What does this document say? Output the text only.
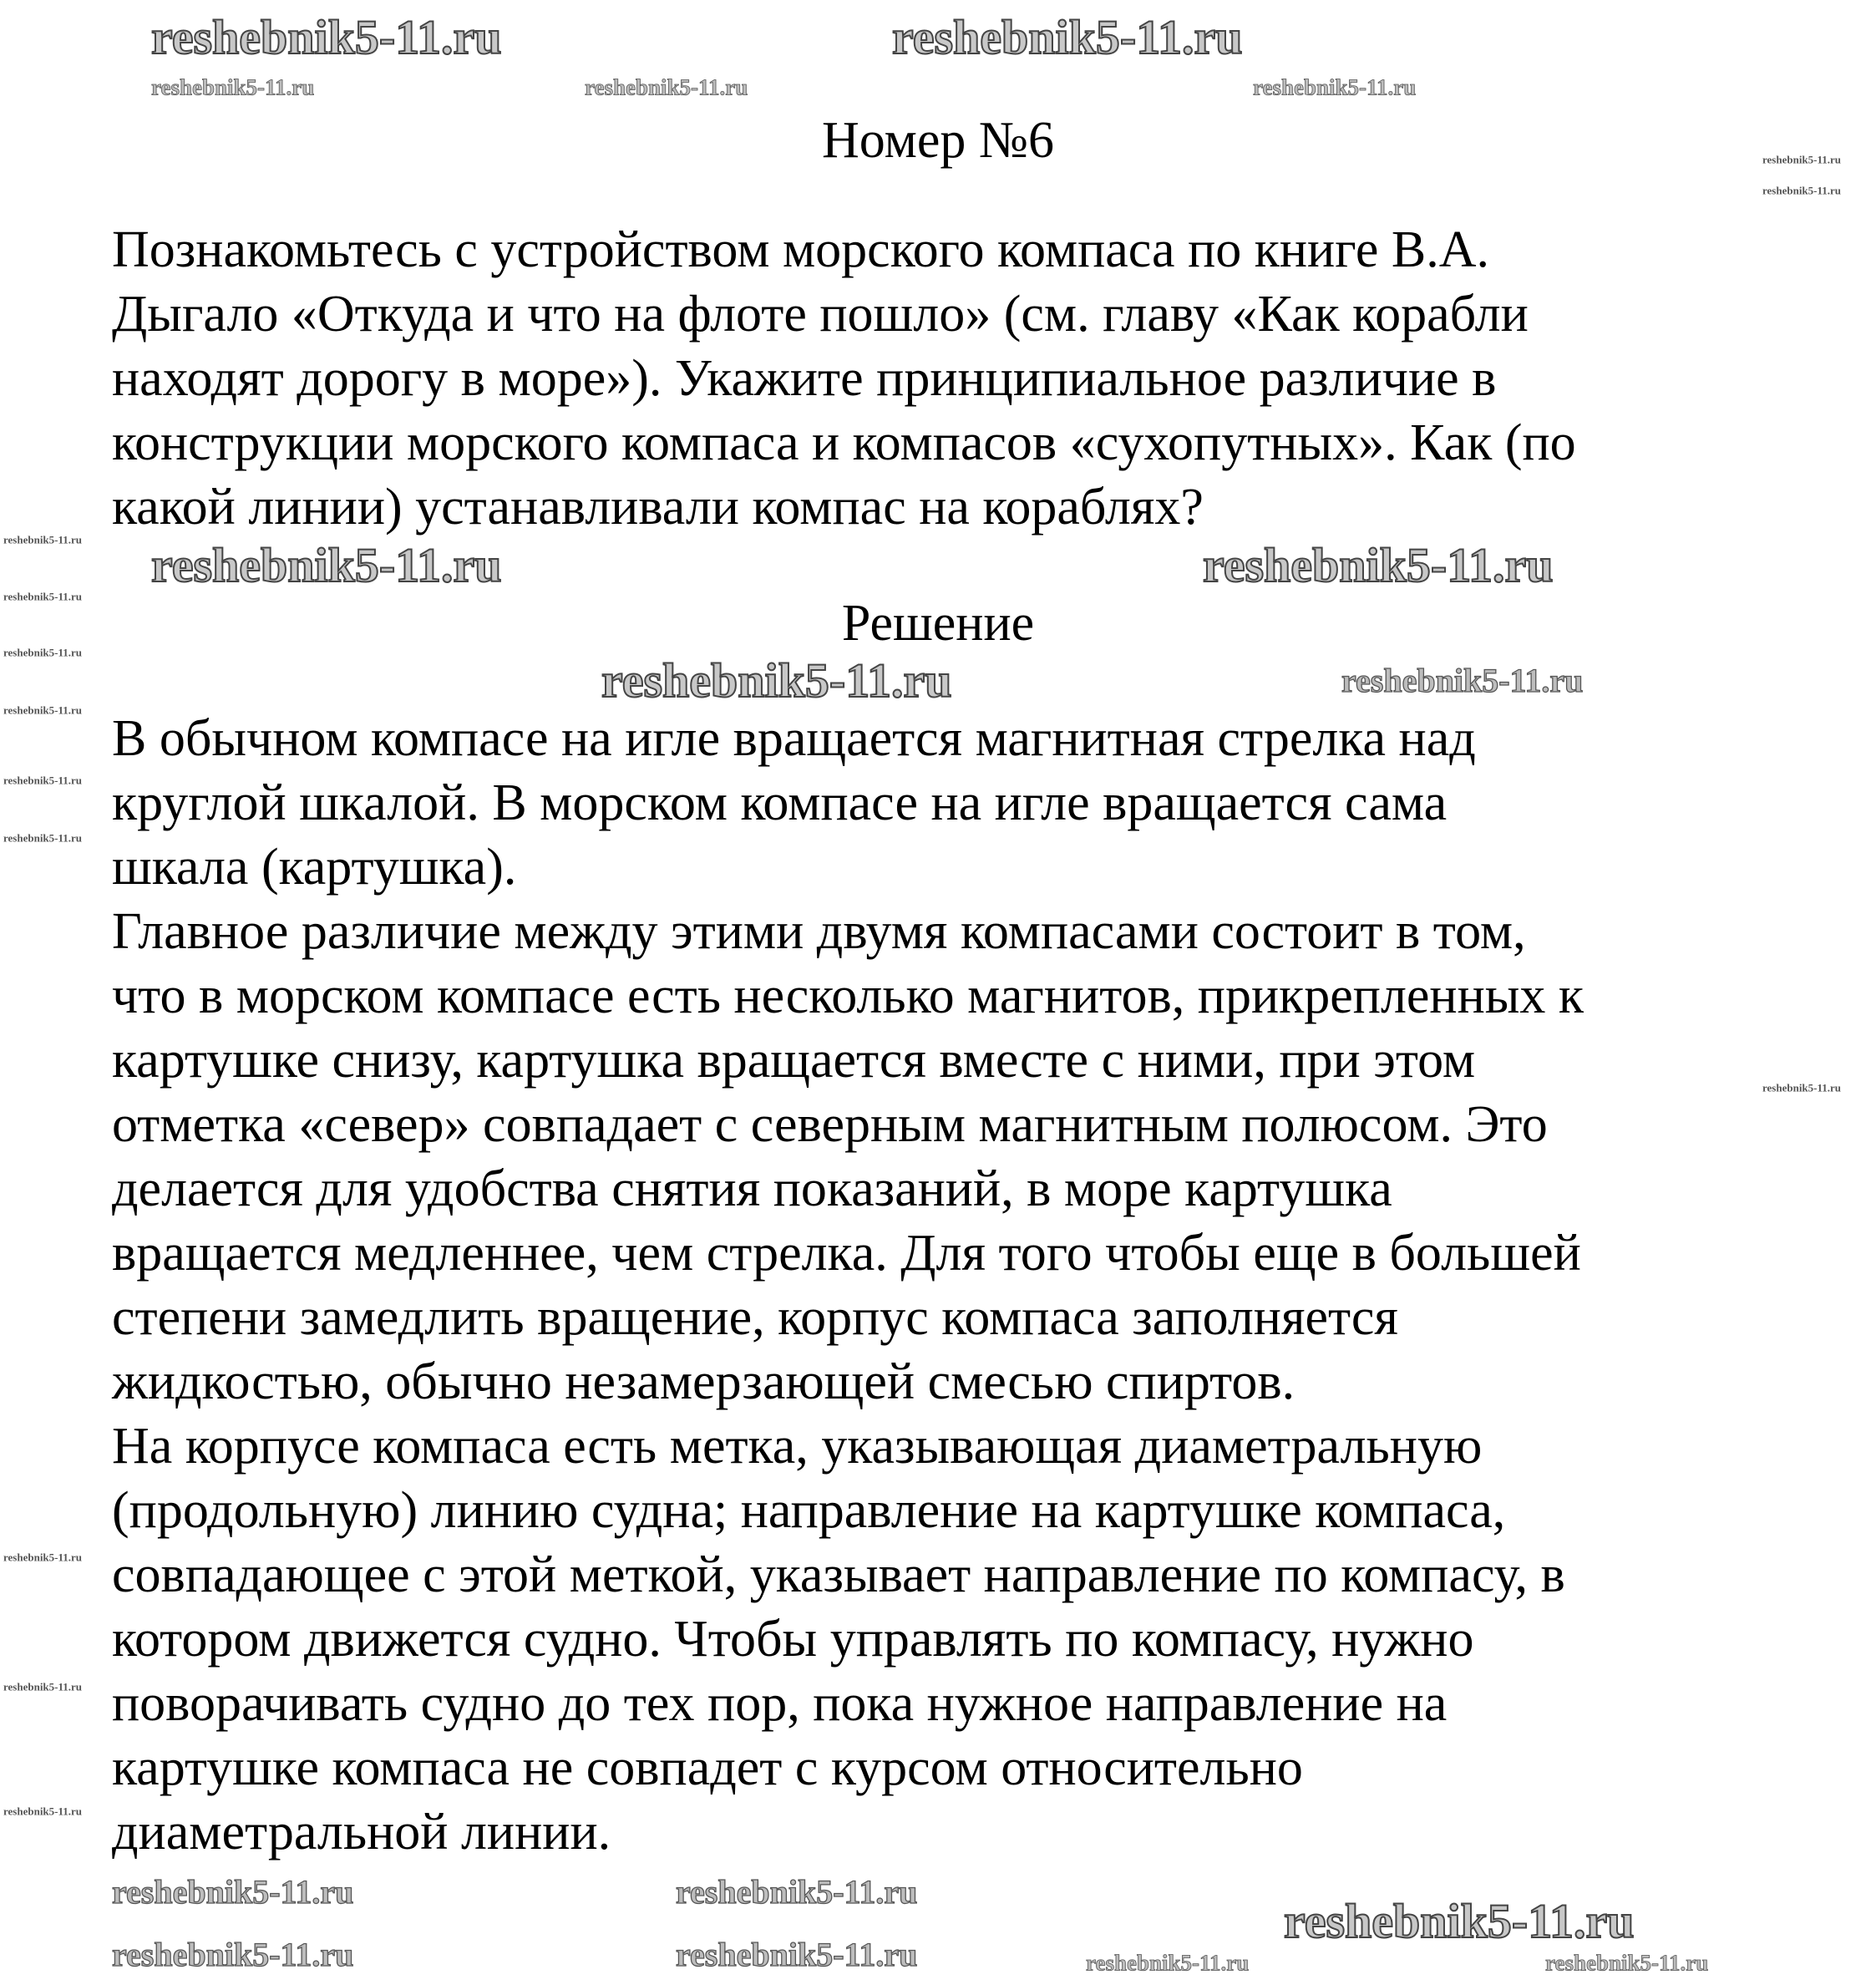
Номер №6
Познакомьтесь с устройством морского компаса по книге В.А.
Дыгало «Откуда и что на флоте пошло» (см. главу «Как корабли
находят дорогу в море»). Укажите принципиальное различие в
конструкции морского компаса и компасов «сухопутных». Как (по
какой линии) устанавливали компас на кораблях?
Решение
В обычном компасе на игле вращается магнитная стрелка над
круглой шкалой. В морском компасе на игле вращается сама
шкала (картушка).
Главное различие между этими двумя компасами состоит в том,
что в морском компасе есть несколько магнитов, прикрепленных к
картушке снизу, картушка вращается вместе с ними, при этом
отметка «север» совпадает с северным магнитным полюсом. Это
делается для удобства снятия показаний, в море картушка
вращается медленнее, чем стрелка. Для того чтобы еще в большей
степени замедлить вращение, корпус компаса заполняется
жидкостью, обычно незамерзающей смесью спиртов.
На корпусе компаса есть метка, указывающая диаметральную
(продольную) линию судна; направление на картушке компаса,
совпадающее с этой меткой, указывает направление по компасу, в
котором движется судно. Чтобы управлять по компасу, нужно
поворачивать судно до тех пор, пока нужное направление на
картушке компаса не совпадет с курсом относительно
диаметральной линии.
reshebnik5-11.ru	reshebnik5-11.ru
reshebnik5-11.ru	reshebnik5-11.ru
reshebnik5-11.ru
reshebnik5-11.ru
reshebnik5-11.ru
reshebnik5-11.ru	reshebnik5-11.ru
reshebnik5-11.ru	reshebnik5-11.ru
reshebnik5-11.ru	reshebnik5-11.ru	reshebnik5-11.ru
reshebnik5-11.ru	reshebnik5-11.ru
reshebnik5-11.ru
reshebnik5-11.ru
reshebnik5-11.ru
reshebnik5-11.ru
reshebnik5-11.ru
reshebnik5-11.ru
reshebnik5-11.ru
reshebnik5-11.ru
reshebnik5-11.ru
reshebnik5-11.ru
reshebnik5-11.ru
reshebnik5-11.ru
